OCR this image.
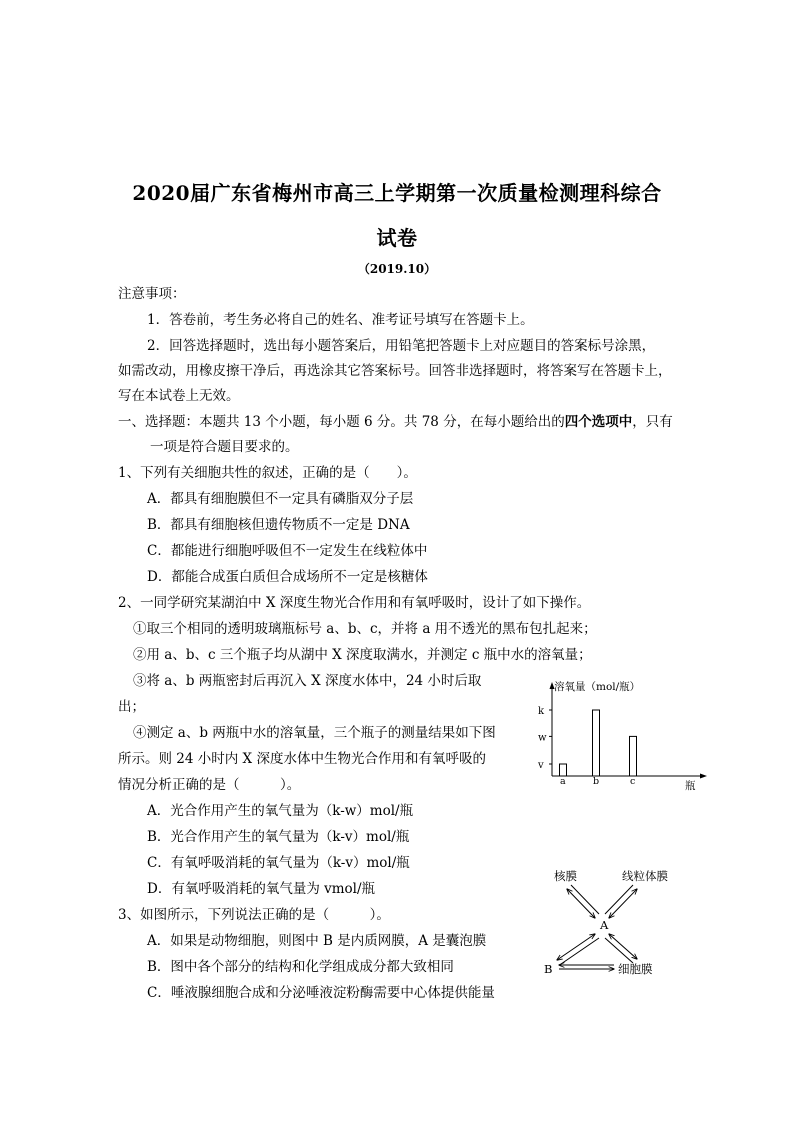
2020届广东省梅州市高三上学期第一次质量检测理科综合
试卷
（2019.10）
注意事项：
1．答卷前，考生务必将自己的姓名、准考证号填写在答题卡上。
2．回答选择题时，选出每小题答案后，用铅笔把答题卡上对应题目的答案标号涂黑，
如需改动，用橡皮擦干净后，再选涂其它答案标号。回答非选择题时，将答案写在答题卡上，
写在本试卷上无效。
一、选择题：本题共 13 个小题，每小题 6 分。共 78 分，在每小题给出的四个选项中，只有
一项是符合题目要求的。
1、下列有关细胞共性的叙述，正确的是（　　）。
A．都具有细胞膜但不一定具有磷脂双分子层
B．都具有细胞核但遗传物质不一定是 DNA
C．都能进行细胞呼吸但不一定发生在线粒体中
D．都能合成蛋白质但合成场所不一定是核糖体
2、一同学研究某湖泊中 X 深度生物光合作用和有氧呼吸时，设计了如下操作。
①取三个相同的透明玻璃瓶标号 a、b、c，并将 a 用不透光的黑布包扎起来；
②用 a、b、c 三个瓶子均从湖中 X 深度取满水，并测定 c 瓶中水的溶氧量；
③将 a、b 两瓶密封后再沉入 X 深度水体中，24 小时后取
出；
④测定 a、b 两瓶中水的溶氧量，三个瓶子的测量结果如下图
所示。则 24 小时内 X 深度水体中生物光合作用和有氧呼吸的
情况分析正确的是（　　　）。
A．光合作用产生的氧气量为（k-w）mol/瓶
B．光合作用产生的氧气量为（k-v）mol/瓶
C．有氧呼吸消耗的氧气量为（k-v）mol/瓶
D．有氧呼吸消耗的氧气量为 vmol/瓶
3、如图所示，下列说法正确的是（　　　）。
A．如果是动物细胞，则图中 B 是内质网膜，A 是囊泡膜
B．图中各个部分的结构和化学组成成分都大致相同
C．唾液腺细胞合成和分泌唾液淀粉酶需要中心体提供能量
溶氧量（mol/瓶）
瓶
k
w
v
a	b	c
核膜	线粒体膜
A
B	细胞膜
